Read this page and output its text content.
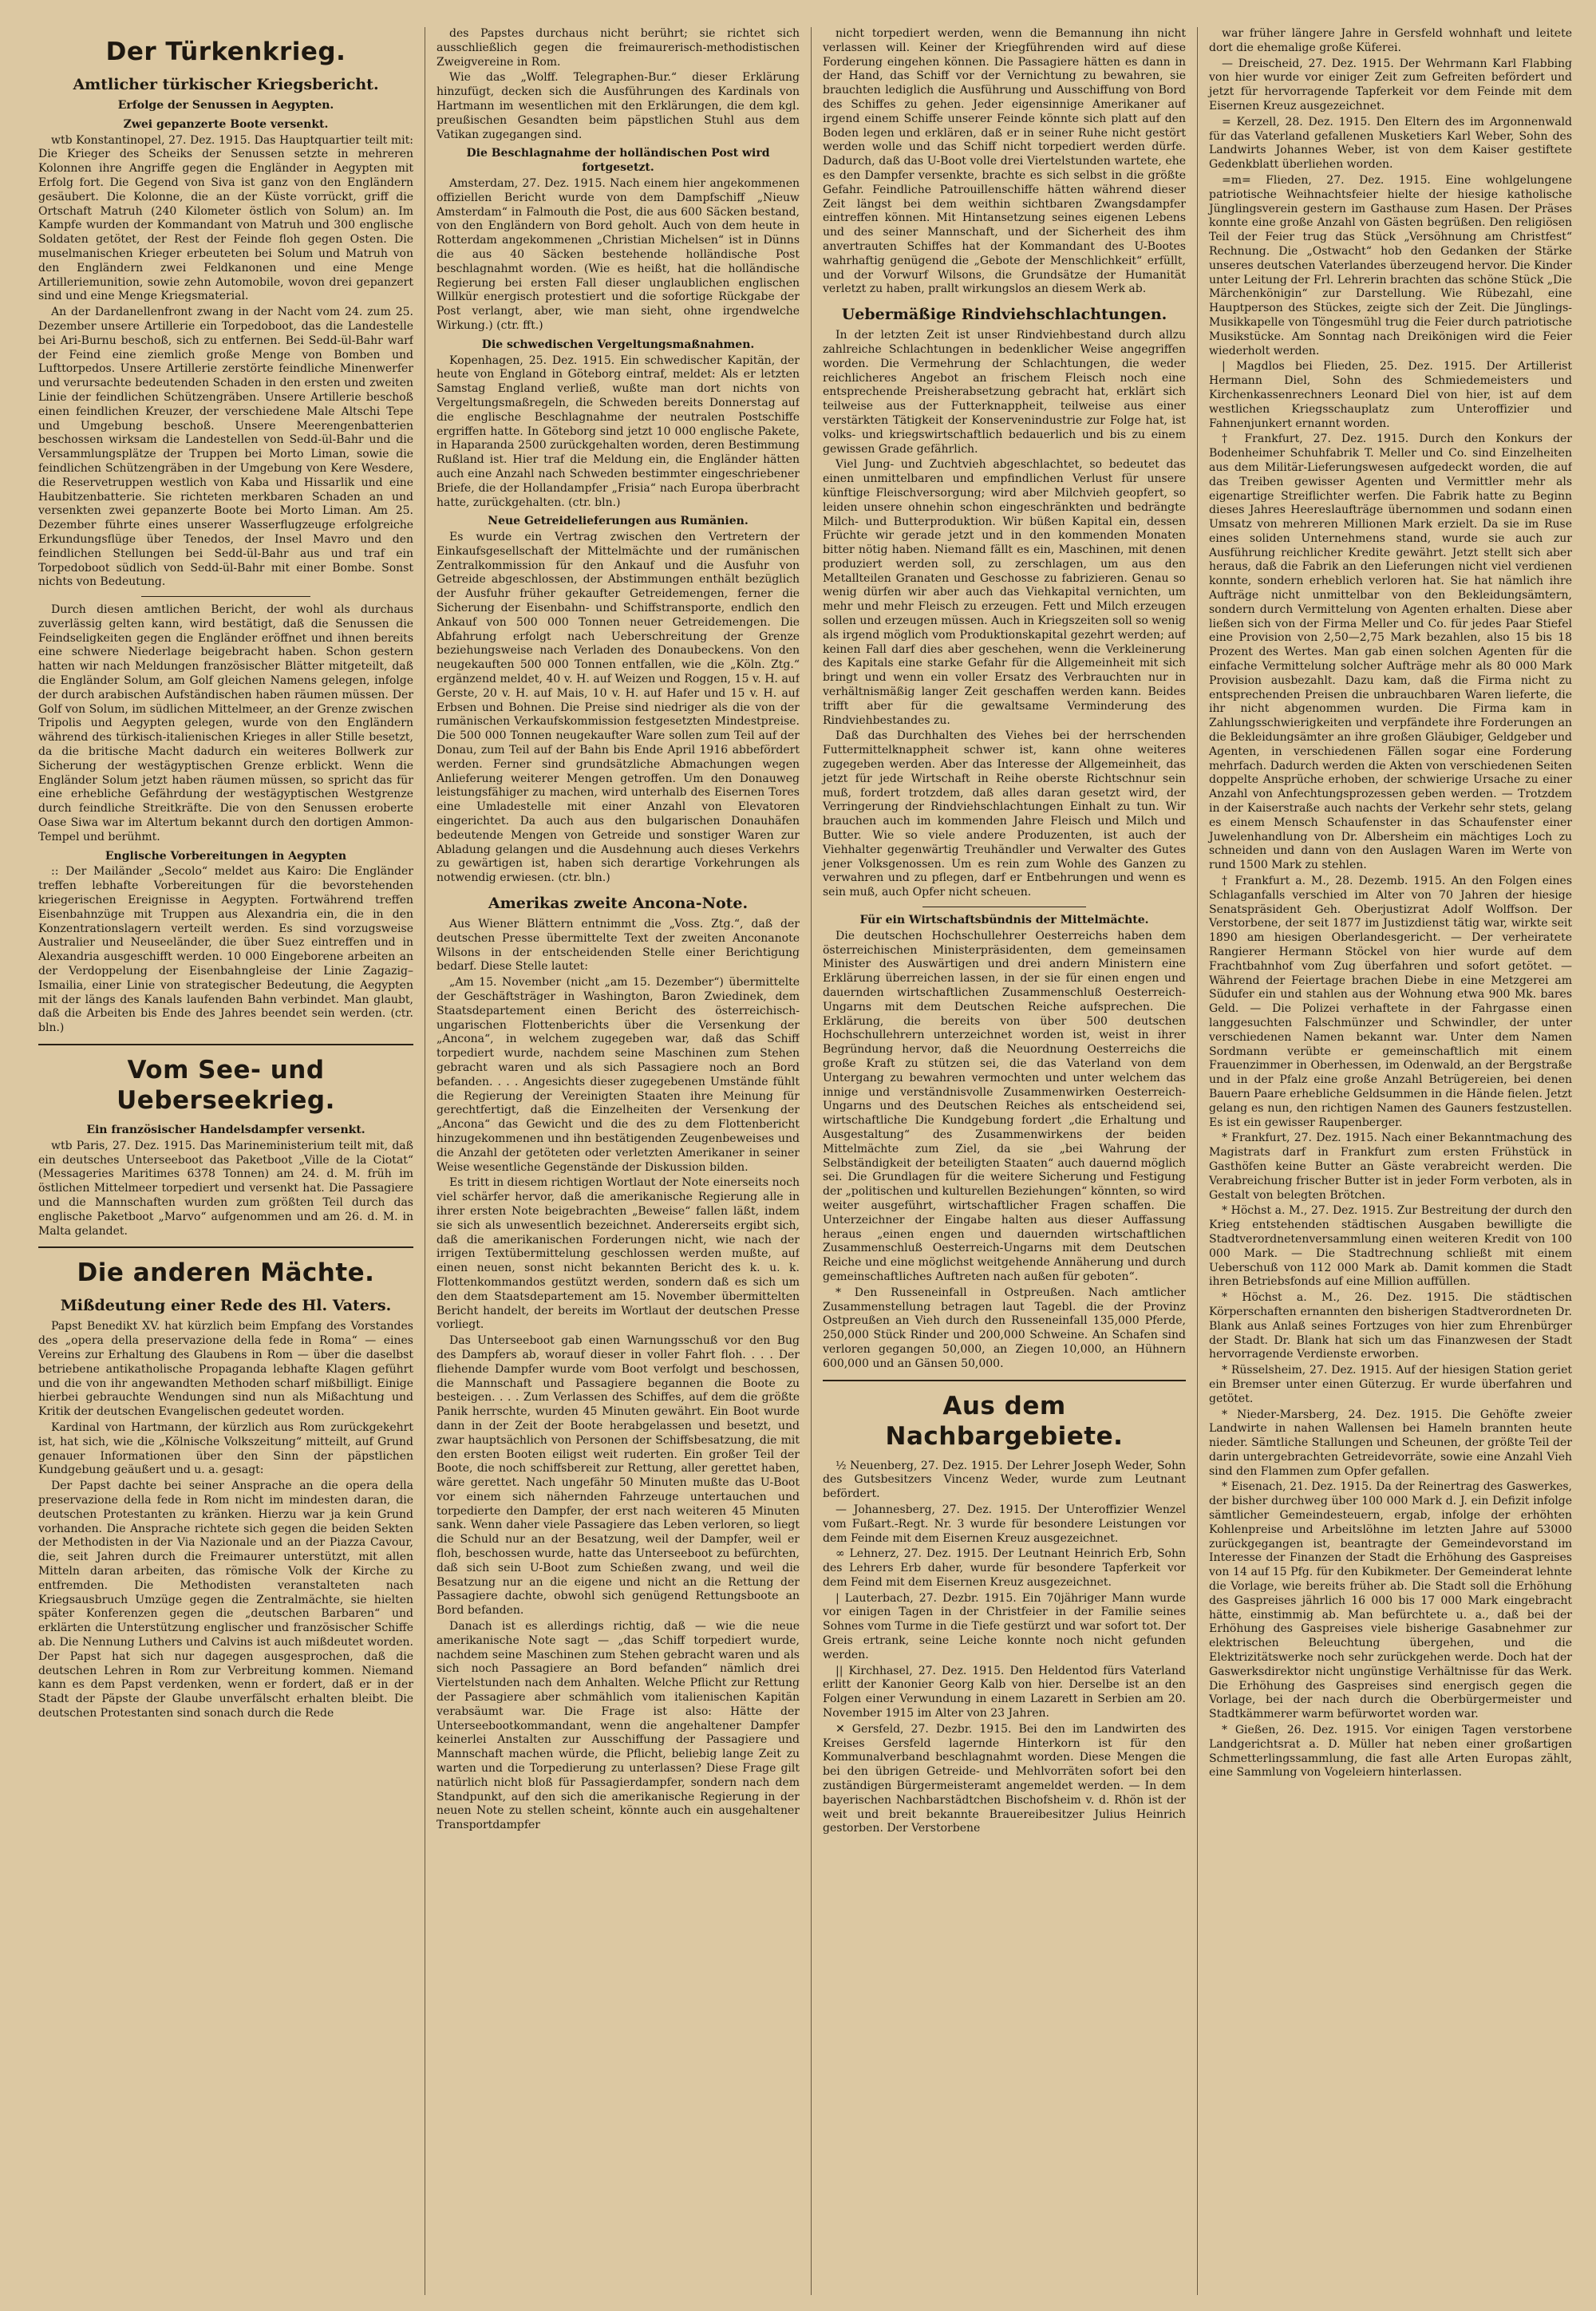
Der Türkenkrieg.
Amtlicher türkischer Kriegsbericht.
Erfolge der Senussen in Aegypten.
Zwei gepanzerte Boote versenkt.

wtb Konstantinopel, 27. Dez. 1915. Das Hauptquartier teilt mit: Die Krieger des Scheiks der Senussen setzte in mehreren Kolonnen ihre Angriffe gegen die Engländer in Aegypten mit Erfolg fort. Die Gegend von Siva ist ganz von den Engländern gesäubert. Die Kolonne, die an der Küste vorrückt, griff die Ortschaft Matruh (240 Kilometer östlich von Solum) an. Im Kampfe wurden der Kommandant von Matruh und 300 englische Soldaten getötet, der Rest der Feinde floh gegen Osten. Die muselmanischen Krieger erbeuteten bei Solum und Matruh von den Engländern zwei Feldkanonen und eine Menge Artilleriemunition, sowie zehn Automobile, wovon drei gepanzert sind und eine Menge Kriegsmaterial.

An der Dardanellenfront zwang in der Nacht vom 24. zum 25. Dezember unsere Artillerie ein Torpedoboot, das die Landestelle bei Ari-Burnu beschoß, sich zu entfernen. Bei Sedd-ül-Bahr warf der Feind eine ziemlich große Menge von Bomben und Lufttorpedos. Unsere Artillerie zerstörte feindliche Minenwerfer und verursachte bedeutenden Schaden in den ersten und zweiten Linie der feindlichen Schützengräben. Unsere Artillerie beschoß einen feindlichen Kreuzer, der verschiedene Male Altschi Tepe und Umgebung beschoß. Unsere Meerengenbatterien beschossen wirksam die Landestellen von Sedd-ül-Bahr und die Versammlungsplätze der Truppen bei Morto Liman, sowie die feindlichen Schützengräben in der Umgebung von Kere Wesdere, die Reservetruppen westlich von Kaba und Hissarlik und eine Haubitzenbatterie. Sie richteten merkbaren Schaden an und versenkten zwei gepanzerte Boote bei Morto Liman. Am 25. Dezember führte eines unserer Wasserflugzeuge erfolgreiche Erkundungsflüge über Tenedos, der Insel Mavro und den feindlichen Stellungen bei Sedd-ül-Bahr aus und traf ein Torpedoboot südlich von Sedd-ül-Bahr mit einer Bombe. Sonst nichts von Bedeutung.

Durch diesen amtlichen Bericht, der wohl als durchaus zuverlässig gelten kann, wird bestätigt, daß die Senussen die Feindseligkeiten gegen die Engländer eröffnet und ihnen bereits eine schwere Niederlage beigebracht haben. Schon gestern hatten wir nach Meldungen französischer Blätter mitgeteilt, daß die Engländer Solum, am Golf gleichen Namens gelegen, infolge der durch arabischen Aufständischen haben räumen müssen. Der Golf von Solum, im südlichen Mittelmeer, an der Grenze zwischen Tripolis und Aegypten gelegen, wurde von den Engländern während des türkisch-italienischen Krieges in aller Stille besetzt, da die britische Macht dadurch ein weiteres Bollwerk zur Sicherung der westägyptischen Grenze erblickt. Wenn die Engländer Solum jetzt haben räumen müssen, so spricht das für eine erhebliche Gefährdung der westägyptischen Westgrenze durch feindliche Streitkräfte. Die von den Senussen eroberte Oase Siwa war im Altertum bekannt durch den dortigen Ammon-Tempel und berühmt.

Englische Vorbereitungen in Aegypten

:: Der Mailänder „Secolo“ meldet aus Kairo: Die Engländer treffen lebhafte Vorbereitungen für die bevorstehenden kriegerischen Ereignisse in Aegypten. Fortwährend treffen Eisenbahnzüge mit Truppen aus Alexandria ein, die in den Konzentrationslagern verteilt werden. Es sind vorzugsweise Australier und Neuseeländer, die über Suez eintreffen und in Alexandria ausgeschifft werden. 10 000 Eingeborene arbeiten an der Verdoppelung der Eisenbahngleise der Linie Zagazig–Ismailia, einer Linie von strategischer Bedeutung, die Aegypten mit der längs des Kanals laufenden Bahn verbindet. Man glaubt, daß die Arbeiten bis Ende des Jahres beendet sein werden. (ctr. bln.)

Vom See- und Ueberseekrieg.
Ein französischer Handelsdampfer versenkt.

wtb Paris, 27. Dez. 1915. Das Marineministerium teilt mit, daß ein deutsches Unterseeboot das Paketboot „Ville de la Ciotat“ (Messageries Maritimes 6378 Tonnen) am 24. d. M. früh im östlichen Mittelmeer torpediert und versenkt hat. Die Passagiere und die Mannschaften wurden zum größten Teil durch das englische Paketboot „Marvo“ aufgenommen und am 26. d. M. in Malta gelandet.

Die anderen Mächte.
Mißdeutung einer Rede des Hl. Vaters.

Papst Benedikt XV. hat kürzlich beim Empfang des Vorstandes des „opera della preservazione della fede in Roma“ — eines Vereins zur Erhaltung des Glaubens in Rom — über die daselbst betriebene antikatholische Propaganda lebhafte Klagen geführt und die von ihr angewandten Methoden scharf mißbilligt. Einige hierbei gebrauchte Wendungen sind nun als Mißachtung und Kritik der deutschen Evangelischen gedeutet worden.

Kardinal von Hartmann, der kürzlich aus Rom zurückgekehrt ist, hat sich, wie die „Kölnische Volkszeitung“ mitteilt, auf Grund genauer Informationen über den Sinn der päpstlichen Kundgebung geäußert und u. a. gesagt:

Der Papst dachte bei seiner Ansprache an die opera della preservazione della fede in Rom nicht im mindesten daran, die deutschen Protestanten zu kränken. Hierzu war ja kein Grund vorhanden. Die Ansprache richtete sich gegen die beiden Sekten der Methodisten in der Via Nazionale und an der Piazza Cavour, die, seit Jahren durch die Freimaurer unterstützt, mit allen Mitteln daran arbeiten, das römische Volk der Kirche zu entfremden. Die Methodisten veranstalteten nach Kriegsausbruch Umzüge gegen die Zentralmächte, sie hielten später Konferenzen gegen die „deutschen Barbaren“ und erklärten die Unterstützung englischer und französischer Schiffe ab. Die Nennung Luthers und Calvins ist auch mißdeutet worden. Der Papst hat sich nur dagegen ausgesprochen, daß die deutschen Lehren in Rom zur Verbreitung kommen. Niemand kann es dem Papst verdenken, wenn er fordert, daß er in der Stadt der Päpste der Glaube unverfälscht erhalten bleibt. Die deutschen Protestanten sind sonach durch die Rede

des Papstes durchaus nicht berührt; sie richtet sich ausschließlich gegen die freimaurerisch-methodistischen Zweigvereine in Rom.

Wie das „Wolff. Telegraphen-Bur.“ dieser Erklärung hinzufügt, decken sich die Ausführungen des Kardinals von Hartmann im wesentlichen mit den Erklärungen, die dem kgl. preußischen Gesandten beim päpstlichen Stuhl aus dem Vatikan zugegangen sind.

Die Beschlagnahme der holländischen Post wird fortgesetzt.

Amsterdam, 27. Dez. 1915. Nach einem hier angekommenen offiziellen Bericht wurde von dem Dampfschiff „Nieuw Amsterdam“ in Falmouth die Post, die aus 600 Säcken bestand, von den Engländern von Bord geholt. Auch von dem heute in Rotterdam angekommenen „Christian Michelsen“ ist in Dünns die aus 40 Säcken bestehende holländische Post beschlagnahmt worden. (Wie es heißt, hat die holländische Regierung bei ersten Fall dieser unglaublichen englischen Willkür energisch protestiert und die sofortige Rückgabe der Post verlangt, aber, wie man sieht, ohne irgendwelche Wirkung.) (ctr. fft.)

Die schwedischen Vergeltungsmaßnahmen.

Kopenhagen, 25. Dez. 1915. Ein schwedischer Kapitän, der heute von England in Göteborg eintraf, meldet: Als er letzten Samstag England verließ, wußte man dort nichts von Vergeltungsmaßregeln, die Schweden bereits Donnerstag auf die englische Beschlagnahme der neutralen Postschiffe ergriffen hatte. In Göteborg sind jetzt 10 000 englische Pakete, in Haparanda 2500 zurückgehalten worden, deren Bestimmung Rußland ist. Hier traf die Meldung ein, die Engländer hätten auch eine Anzahl nach Schweden bestimmter eingeschriebener Briefe, die der Hollandampfer „Frisia“ nach Europa überbracht hatte, zurückgehalten. (ctr. bln.)

Neue Getreidelieferungen aus Rumänien.

Es wurde ein Vertrag zwischen den Vertretern der Einkaufsgesellschaft der Mittelmächte und der rumänischen Zentralkommission für den Ankauf und die Ausfuhr von Getreide abgeschlossen, der Abstimmungen enthält bezüglich der Ausfuhr früher gekaufter Getreidemengen, ferner die Sicherung der Eisenbahn- und Schiffstransporte, endlich den Ankauf von 500 000 Tonnen neuer Getreidemengen. Die Abfahrung erfolgt nach Ueberschreitung der Grenze beziehungsweise nach Verladen des Donaubeckens. Von den neugekauften 500 000 Tonnen entfallen, wie die „Köln. Ztg.“ ergänzend meldet, 40 v. H. auf Weizen und Roggen, 15 v. H. auf Gerste, 20 v. H. auf Mais, 10 v. H. auf Hafer und 15 v. H. auf Erbsen und Bohnen. Die Preise sind niedriger als die von der rumänischen Verkaufskommission festgesetzten Mindestpreise. Die 500 000 Tonnen neugekaufter Ware sollen zum Teil auf der Donau, zum Teil auf der Bahn bis Ende April 1916 abbefördert werden. Ferner sind grundsätzliche Abmachungen wegen Anlieferung weiterer Mengen getroffen. Um den Donauweg leistungsfähiger zu machen, wird unterhalb des Eisernen Tores eine Umladestelle mit einer Anzahl von Elevatoren eingerichtet. Da auch aus den bulgarischen Donauhäfen bedeutende Mengen von Getreide und sonstiger Waren zur Abladung gelangen und die Ausdehnung auch dieses Verkehrs zu gewärtigen ist, haben sich derartige Vorkehrungen als notwendig erwiesen. (ctr. bln.)

Amerikas zweite Ancona-Note.

Aus Wiener Blättern entnimmt die „Voss. Ztg.“, daß der deutschen Presse übermittelte Text der zweiten Anconanote Wilsons in der entscheidenden Stelle einer Berichtigung bedarf. Diese Stelle lautet:

„Am 15. November (nicht „am 15. Dezember“) übermittelte der Geschäftsträger in Washington, Baron Zwiedinek, dem Staatsdepartement einen Bericht des österreichisch-ungarischen Flottenberichts über die Versenkung der „Ancona“, in welchem zugegeben war, daß das Schiff torpediert wurde, nachdem seine Maschinen zum Stehen gebracht waren und als sich Passagiere noch an Bord befanden. . . . Angesichts dieser zugegebenen Umstände fühlt die Regierung der Vereinigten Staaten ihre Meinung für gerechtfertigt, daß die Einzelheiten der Versenkung der „Ancona“ das Gewicht und die des zu dem Flottenbericht hinzugekommenen und ihn bestätigenden Zeugenbeweises und die Anzahl der getöteten oder verletzten Amerikaner in seiner Weise wesentliche Gegenstände der Diskussion bilden.

Es tritt in diesem richtigen Wortlaut der Note einerseits noch viel schärfer hervor, daß die amerikanische Regierung alle in ihrer ersten Note beigebrachten „Beweise“ fallen läßt, indem sie sich als unwesentlich bezeichnet. Andererseits ergibt sich, daß die amerikanischen Forderungen nicht, wie nach der irrigen Textübermittelung geschlossen werden mußte, auf einen neuen, sonst nicht bekannten Bericht des k. u. k. Flottenkommandos gestützt werden, sondern daß es sich um den dem Staatsdepartement am 15. November übermittelten Bericht handelt, der bereits im Wortlaut der deutschen Presse vorliegt.

Das Unterseeboot gab einen Warnungsschuß vor den Bug des Dampfers ab, worauf dieser in voller Fahrt floh. . . . Der fliehende Dampfer wurde vom Boot verfolgt und beschossen, die Mannschaft und Passagiere begannen die Boote zu besteigen. . . . Zum Verlassen des Schiffes, auf dem die größte Panik herrschte, wurden 45 Minuten gewährt. Ein Boot wurde dann in der Zeit der Boote herabgelassen und besetzt, und zwar hauptsächlich von Personen der Schiffsbesatzung, die mit den ersten Booten eiligst weit ruderten. Ein großer Teil der Boote, die noch schiffsbereit zur Rettung, aller gerettet haben, wäre gerettet. Nach ungefähr 50 Minuten mußte das U-Boot vor einem sich nähernden Fahrzeuge untertauchen und torpedierte den Dampfer, der erst nach weiteren 45 Minuten sank. Wenn daher viele Passagiere das Leben verloren, so liegt die Schuld nur an der Besatzung, weil der Dampfer, weil er floh, beschossen wurde, hatte das Unterseeboot zu befürchten, daß sich sein U-Boot zum Schießen zwang, und weil die Besatzung nur an die eigene und nicht an die Rettung der Passagiere dachte, obwohl sich genügend Rettungsboote an Bord befanden.

Danach ist es allerdings richtig, daß — wie die neue amerikanische Note sagt — „das Schiff torpediert wurde, nachdem seine Maschinen zum Stehen gebracht waren und als sich noch Passagiere an Bord befanden“ nämlich drei Viertelstunden nach dem Anhalten. Welche Pflicht zur Rettung der Passagiere aber schmählich vom italienischen Kapitän verabsäumt war. Die Frage ist also: Hätte der Unterseebootkommandant, wenn die angehaltener Dampfer keinerlei Anstalten zur Ausschiffung der Passagiere und Mannschaft machen würde, die Pflicht, beliebig lange Zeit zu warten und die Torpedierung zu unterlassen? Diese Frage gilt natürlich nicht bloß für Passagierdampfer, sondern nach dem Standpunkt, auf den sich die amerikanische Regierung in der neuen Note zu stellen scheint, könnte auch ein ausgehaltener Transportdampfer

nicht torpediert werden, wenn die Bemannung ihn nicht verlassen will. Keiner der Kriegführenden wird auf diese Forderung eingehen können. Die Passagiere hätten es dann in der Hand, das Schiff vor der Vernichtung zu bewahren, sie brauchten lediglich die Ausführung und Ausschiffung von Bord des Schiffes zu gehen. Jeder eigensinnige Amerikaner auf irgend einem Schiffe unserer Feinde könnte sich platt auf den Boden legen und erklären, daß er in seiner Ruhe nicht gestört werden wolle und das Schiff nicht torpediert werden dürfe. Dadurch, daß das U-Boot volle drei Viertelstunden wartete, ehe es den Dampfer versenkte, brachte es sich selbst in die größte Gefahr. Feindliche Patrouillenschiffe hätten während dieser Zeit längst bei dem weithin sichtbaren Zwangsdampfer eintreffen können. Mit Hintansetzung seines eigenen Lebens und des seiner Mannschaft, und der Sicherheit des ihm anvertrauten Schiffes hat der Kommandant des U-Bootes wahrhaftig genügend die „Gebote der Menschlichkeit“ erfüllt, und der Vorwurf Wilsons, die Grundsätze der Humanität verletzt zu haben, prallt wirkungslos an diesem Werk ab.

Uebermäßige Rindviehschlachtungen.

In der letzten Zeit ist unser Rindviehbestand durch allzu zahlreiche Schlachtungen in bedenklicher Weise angegriffen worden. Die Vermehrung der Schlachtungen, die weder reichlicheres Angebot an frischem Fleisch noch eine entsprechende Preisherabsetzung gebracht hat, erklärt sich teilweise aus der Futterknappheit, teilweise aus einer verstärkten Tätigkeit der Konservenindustrie zur Folge hat, ist volks- und kriegswirtschaftlich bedauerlich und bis zu einem gewissen Grade gefährlich.

Viel Jung- und Zuchtvieh abgeschlachtet, so bedeutet das einen unmittelbaren und empfindlichen Verlust für unsere künftige Fleischversorgung; wird aber Milchvieh geopfert, so leiden unsere ohnehin schon eingeschränkten und bedrängte Milch- und Butterproduktion. Wir büßen Kapital ein, dessen Früchte wir gerade jetzt und in den kommenden Monaten bitter nötig haben. Niemand fällt es ein, Maschinen, mit denen produziert werden soll, zu zerschlagen, um aus den Metallteilen Granaten und Geschosse zu fabrizieren. Genau so wenig dürfen wir aber auch das Viehkapital vernichten, um mehr und mehr Fleisch zu erzeugen. Fett und Milch erzeugen sollen und erzeugen müssen. Auch in Kriegszeiten soll so wenig als irgend möglich vom Produktionskapital gezehrt werden; auf keinen Fall darf dies aber geschehen, wenn die Verkleinerung des Kapitals eine starke Gefahr für die Allgemeinheit mit sich bringt und wenn ein voller Ersatz des Verbrauchten nur in verhältnismäßig langer Zeit geschaffen werden kann. Beides trifft aber für die gewaltsame Verminderung des Rindviehbestandes zu.

Daß das Durchhalten des Viehes bei der herrschenden Futtermittelknappheit schwer ist, kann ohne weiteres zugegeben werden. Aber das Interesse der Allgemeinheit, das jetzt für jede Wirtschaft in Reihe oberste Richtschnur sein muß, fordert trotzdem, daß alles daran gesetzt wird, der Verringerung der Rindviehschlachtungen Einhalt zu tun. Wir brauchen auch im kommenden Jahre Fleisch und Milch und Butter. Wie so viele andere Produzenten, ist auch der Viehhalter gegenwärtig Treuhändler und Verwalter des Gutes jener Volksgenossen. Um es rein zum Wohle des Ganzen zu verwahren und zu pflegen, darf er Entbehrungen und wenn es sein muß, auch Opfer nicht scheuen.

Für ein Wirtschaftsbündnis der Mittelmächte.

Die deutschen Hochschullehrer Oesterreichs haben dem österreichischen Ministerpräsidenten, dem gemeinsamen Minister des Auswärtigen und drei andern Ministern eine Erklärung überreichen lassen, in der sie für einen engen und dauernden wirtschaftlichen Zusammenschluß Oesterreich-Ungarns mit dem Deutschen Reiche aufsprechen. Die Erklärung, die bereits von über 500 deutschen Hochschullehrern unterzeichnet worden ist, weist in ihrer Begründung hervor, daß die Neuordnung Oesterreichs die große Kraft zu stützen sei, die das Vaterland von dem Untergang zu bewahren vermochten und unter welchem das innige und verständnisvolle Zusammenwirken Oesterreich-Ungarns und des Deutschen Reiches als entscheidend sei, wirtschaftliche Die Kundgebung fordert „die Erhaltung und Ausgestaltung“ des Zusammenwirkens der beiden Mittelmächte zum Ziel, da sie „bei Wahrung der Selbständigkeit der beteiligten Staaten“ auch dauernd möglich sei. Die Grundlagen für die weitere Sicherung und Festigung der „politischen und kulturellen Beziehungen“ könnten, so wird weiter ausgeführt, wirtschaftlicher Fragen schaffen. Die Unterzeichner der Eingabe halten aus dieser Auffassung heraus „einen engen und dauernden wirtschaftlichen Zusammenschluß Oesterreich-Ungarns mit dem Deutschen Reiche und eine möglichst weitgehende Annäherung und durch gemeinschaftliches Auftreten nach außen für geboten“.

* Den Russeneinfall in Ostpreußen. Nach amtlicher Zusammenstellung betragen laut Tagebl. die der Provinz Ostpreußen an Vieh durch den Russeneinfall 135,000 Pferde, 250,000 Stück Rinder und 200,000 Schweine. An Schafen sind verloren gegangen 50,000, an Ziegen 10,000, an Hühnern 600,000 und an Gänsen 50,000.

Aus dem Nachbargebiete.

½ Neuenberg, 27. Dez. 1915. Der Lehrer Joseph Weder, Sohn des Gutsbesitzers Vincenz Weder, wurde zum Leutnant befördert.

— Johannesberg, 27. Dez. 1915. Der Unteroffizier Wenzel vom Fußart.-Regt. Nr. 3 wurde für besondere Leistungen vor dem Feinde mit dem Eisernen Kreuz ausgezeichnet.

∞ Lehnerz, 27. Dez. 1915. Der Leutnant Heinrich Erb, Sohn des Lehrers Erb daher, wurde für besondere Tapferkeit vor dem Feind mit dem Eisernen Kreuz ausgezeichnet.

| Lauterbach, 27. Dezbr. 1915. Ein 70jähriger Mann wurde vor einigen Tagen in der Christfeier in der Familie seines Sohnes vom Turme in die Tiefe gestürzt und war sofort tot. Der Greis ertrank, seine Leiche konnte noch nicht gefunden werden.

|| Kirchhasel, 27. Dez. 1915. Den Heldentod fürs Vaterland erlitt der Kanonier Georg Kalb von hier. Derselbe ist an den Folgen einer Verwundung in einem Lazarett in Serbien am 20. November 1915 im Alter von 23 Jahren.

✕ Gersfeld, 27. Dezbr. 1915. Bei den im Landwirten des Kreises Gersfeld lagernde Hinterkorn ist für den Kommunalverband beschlagnahmt worden. Diese Mengen die bei den übrigen Getreide- und Mehlvorräten sofort bei den zuständigen Bürgermeisteramt angemeldet werden. — In dem bayerischen Nachbarstädtchen Bischofsheim v. d. Rhön ist der weit und breit bekannte Brauereibesitzer Julius Heinrich gestorben. Der Verstorbene

war früher längere Jahre in Gersfeld wohnhaft und leitete dort die ehemalige große Küferei.

— Dreischeid, 27. Dez. 1915. Der Wehrmann Karl Flabbing von hier wurde vor einiger Zeit zum Gefreiten befördert und jetzt für hervorragende Tapferkeit vor dem Feinde mit dem Eisernen Kreuz ausgezeichnet.

= Kerzell, 28. Dez. 1915. Den Eltern des im Argonnenwald für das Vaterland gefallenen Musketiers Karl Weber, Sohn des Landwirts Johannes Weber, ist von dem Kaiser gestiftete Gedenkblatt überliehen worden.

=m= Flieden, 27. Dez. 1915. Eine wohlgelungene patriotische Weihnachtsfeier hielte der hiesige katholische Jünglingsverein gestern im Gasthause zum Hasen. Der Präses konnte eine große Anzahl von Gästen begrüßen. Den religiösen Teil der Feier trug das Stück „Versöhnung am Christfest“ Rechnung. Die „Ostwacht“ hob den Gedanken der Stärke unseres deutschen Vaterlandes überzeugend hervor. Die Kinder unter Leitung der Frl. Lehrerin brachten das schöne Stück „Die Märchenkönigin“ zur Darstellung. Wie Rübezahl, eine Hauptperson des Stückes, zeigte sich der Zeit. Die Jünglings-Musikkapelle von Töngesmühl trug die Feier durch patriotische Musikstücke. Am Sonntag nach Dreikönigen wird die Feier wiederholt werden.

| Magdlos bei Flieden, 25. Dez. 1915. Der Artillerist Hermann Diel, Sohn des Schmiedemeisters und Kirchenkassenrechners Leonard Diel von hier, ist auf dem westlichen Kriegsschauplatz zum Unteroffizier und Fahnenjunkert ernannt worden.

† Frankfurt, 27. Dez. 1915. Durch den Konkurs der Bodenheimer Schuhfabrik T. Meller und Co. sind Einzelheiten aus dem Militär-Lieferungswesen aufgedeckt worden, die auf das Treiben gewisser Agenten und Vermittler mehr als eigenartige Streiflichter werfen. Die Fabrik hatte zu Beginn dieses Jahres Heereslaufträge übernommen und sodann einen Umsatz von mehreren Millionen Mark erzielt. Da sie im Ruse eines soliden Unternehmens stand, wurde sie auch zur Ausführung reichlicher Kredite gewährt. Jetzt stellt sich aber heraus, daß die Fabrik an den Lieferungen nicht viel verdienen konnte, sondern erheblich verloren hat. Sie hat nämlich ihre Aufträge nicht unmittelbar von den Bekleidungsämtern, sondern durch Vermittelung von Agenten erhalten. Diese aber ließen sich von der Firma Meller und Co. für jedes Paar Stiefel eine Provision von 2,50—2,75 Mark bezahlen, also 15 bis 18 Prozent des Wertes. Man gab einen solchen Agenten für die einfache Vermittelung solcher Aufträge mehr als 80 000 Mark Provision ausbezahlt. Dazu kam, daß die Firma nicht zu entsprechenden Preisen die unbrauchbaren Waren lieferte, die ihr nicht abgenommen wurden. Die Firma kam in Zahlungsschwierigkeiten und verpfändete ihre Forderungen an die Bekleidungsämter an ihre großen Gläubiger, Geldgeber und Agenten, in verschiedenen Fällen sogar eine Forderung mehrfach. Dadurch werden die Akten von verschiedenen Seiten doppelte Ansprüche erhoben, der schwierige Ursache zu einer Anzahl von Anfechtungsprozessen geben werden. — Trotzdem in der Kaiserstraße auch nachts der Verkehr sehr stets, gelang es einem Mensch Schaufenster in das Schaufenster einer Juwelenhandlung von Dr. Albersheim ein mächtiges Loch zu schneiden und dann von den Auslagen Waren im Werte von rund 1500 Mark zu stehlen.

† Frankfurt a. M., 28. Dezemb. 1915. An den Folgen eines Schlaganfalls verschied im Alter von 70 Jahren der hiesige Senatspräsident Geh. Oberjustizrat Adolf Wolffson. Der Verstorbene, der seit 1877 im Justizdienst tätig war, wirkte seit 1890 am hiesigen Oberlandesgericht. — Der verheiratete Rangierer Hermann Stöckel von hier wurde auf dem Frachtbahnhof vom Zug überfahren und sofort getötet. — Während der Feiertage brachen Diebe in eine Metzgerei am Südufer ein und stahlen aus der Wohnung etwa 900 Mk. bares Geld. — Die Polizei verhaftete in der Fahrgasse einen langgesuchten Falschmünzer und Schwindler, der unter verschiedenen Namen bekannt war. Unter dem Namen Sordmann verübte er gemeinschaftlich mit einem Frauenzimmer in Oberhessen, im Odenwald, an der Bergstraße und in der Pfalz eine große Anzahl Betrügereien, bei denen Bauern Paare erhebliche Geldsummen in die Hände fielen. Jetzt gelang es nun, den richtigen Namen des Gauners festzustellen. Es ist ein gewisser Raupenberger.

* Frankfurt, 27. Dez. 1915. Nach einer Bekanntmachung des Magistrats darf in Frankfurt zum ersten Frühstück in Gasthöfen keine Butter an Gäste verabreicht werden. Die Verabreichung frischer Butter ist in jeder Form verboten, als in Gestalt von belegten Brötchen.

* Höchst a. M., 27. Dez. 1915. Zur Bestreitung der durch den Krieg entstehenden städtischen Ausgaben bewilligte die Stadtverordnetenversammlung einen weiteren Kredit von 100 000 Mark. — Die Stadtrechnung schließt mit einem Ueberschuß von 112 000 Mark ab. Damit kommen die Stadt ihren Betriebsfonds auf eine Million auffüllen.

* Höchst a. M., 26. Dez. 1915. Die städtischen Körperschaften ernannten den bisherigen Stadtverordneten Dr. Blank aus Anlaß seines Fortzuges von hier zum Ehrenbürger der Stadt. Dr. Blank hat sich um das Finanzwesen der Stadt hervorragende Verdienste erworben.

* Rüsselsheim, 27. Dez. 1915. Auf der hiesigen Station geriet ein Bremser unter einen Güterzug. Er wurde überfahren und getötet.

* Nieder-Marsberg, 24. Dez. 1915. Die Gehöfte zweier Landwirte in nahen Wallensen bei Hameln brannten heute nieder. Sämtliche Stallungen und Scheunen, der größte Teil der darin untergebrachten Getreidevorräte, sowie eine Anzahl Vieh sind den Flammen zum Opfer gefallen.

* Eisenach, 21. Dez. 1915. Da der Reinertrag des Gaswerkes, der bisher durchweg über 100 000 Mark d. J. ein Defizit infolge sämtlicher Gemeindesteuern, ergab, infolge der erhöhten Kohlenpreise und Arbeitslöhne im letzten Jahre auf 53000 zurückgegangen ist, beantragte der Gemeindevorstand im Interesse der Finanzen der Stadt die Erhöhung des Gaspreises von 14 auf 15 Pfg. für den Kubikmeter. Der Gemeinderat lehnte die Vorlage, wie bereits früher ab. Die Stadt soll die Erhöhung des Gaspreises jährlich 16 000 bis 17 000 Mark eingebracht hätte, einstimmig ab. Man befürchtete u. a., daß bei der Erhöhung des Gaspreises viele bisherige Gasabnehmer zur elektrischen Beleuchtung übergehen, und die Elektrizitätswerke noch sehr zurückgehen werde. Doch hat der Gaswerksdirektor nicht ungünstige Verhältnisse für das Werk. Die Erhöhung des Gaspreises sind energisch gegen die Vorlage, bei der nach durch die Oberbürgermeister und Stadtkämmerer warm befürwortet worden war.

* Gießen, 26. Dez. 1915. Vor einigen Tagen verstorbene Landgerichtsrat a. D. Müller hat neben einer großartigen Schmetterlingssammlung, die fast alle Arten Europas zählt, eine Sammlung von Vogeleiern hinterlassen.
